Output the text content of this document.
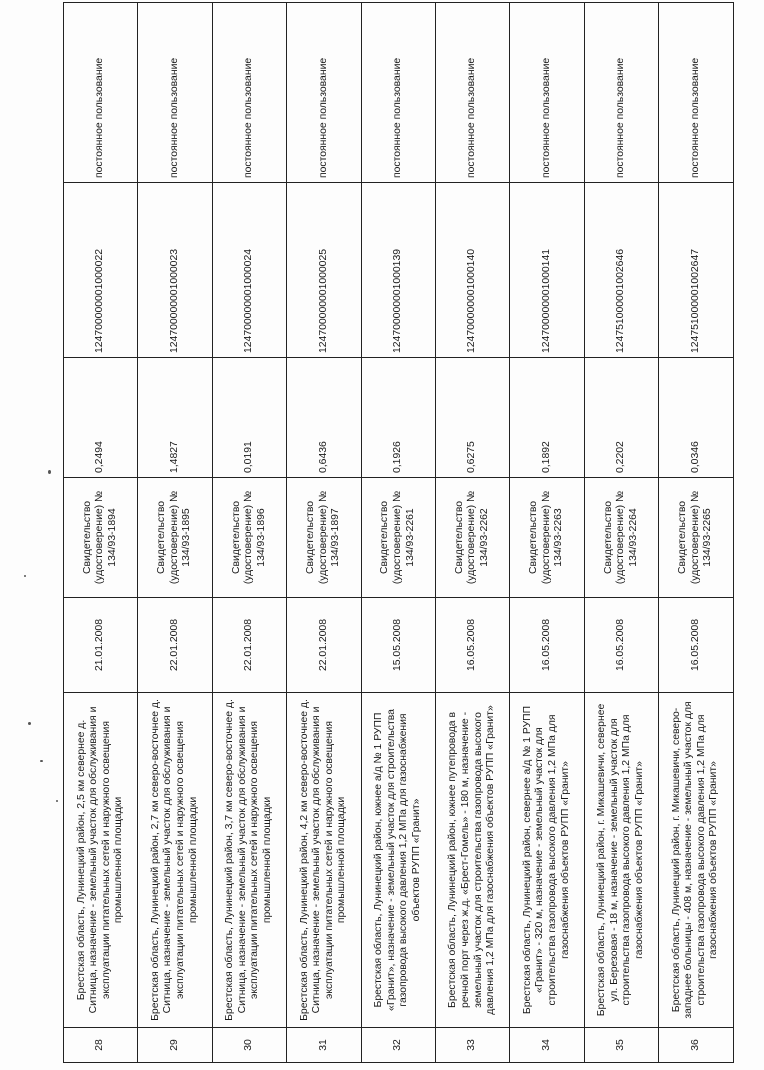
28	Брестская область, Лунинецкий район, 2,5 км севернее д. Ситница, назначение - земельный участок для обслуживания и эксплуатации питательных сетей и наружного освещения промышленной площадки	21.01.2008	Свидетельство (удостоверение) № 134/93-1894	0,2494	124700000001000022	постоянное пользование
29	Брестская область, Лунинецкий район, 2,7 км северо-восточнее д. Ситница, назначение - земельный участок для обслуживания и эксплуатации питательных сетей и наружного освещения промышленной площадки	22.01.2008	Свидетельство (удостоверение) № 134/93-1895	1,4827	124700000001000023	постоянное пользование
30	Брестская область, Лунинецкий район, 3,7 км северо-восточнее д. Ситница, назначение - земельный участок для обслуживания и эксплуатации питательных сетей и наружного освещения промышленной площадки	22.01.2008	Свидетельство (удостоверение) № 134/93-1896	0,0191	124700000001000024	постоянное пользование
31	Брестская область, Лунинецкий район, 4,2 км северо-восточнее д. Ситница, назначение - земельный участок для обслуживания и эксплуатации питательных сетей и наружного освещения промышленной площадки	22.01.2008	Свидетельство (удостоверение) № 134/93-1897	0,6436	124700000001000025	постоянное пользование
32	Брестская область, Лунинецкий район, южнее а/д № 1 РУПП «Гранит», назначение - земельный участок для строительства газопровода высокого давления 1,2 МПа для газоснабжения объектов РУПП «Гранит»	15.05.2008	Свидетельство (удостоверение) № 134/93-2261	0,1926	124700000001000139	постоянное пользование
33	Брестская область, Лунинецкий район, южнее путепровода в речной порт через ж.д. «Брест-Гомель» - 180 м, назначение - земельный участок для строительства газопровода высокого давления 1,2 МПа для газоснабжения объектов РУПП «Гранит»	16.05.2008	Свидетельство (удостоверение) № 134/93-2262	0,6275	124700000001000140	постоянное пользование
34	Брестская область, Лунинецкий район, севернее а/д № 1 РУПП «Гранит» - 320 м, назначение - земельный участок для строительства газопровода высокого давления 1,2 МПа для газоснабжения объектов РУПП «Гранит»	16.05.2008	Свидетельство (удостоверение) № 134/93-2263	0,1892	124700000001000141	постоянное пользование
35	Брестская область, Лунинецкий район, г. Микашевичи, севернее ул. Березовая - 18 м, назначение - земельный участок для строительства газопровода высокого давления 1,2 МПа для газоснабжения объектов РУПП «Гранит»	16.05.2008	Свидетельство (удостоверение) № 134/93-2264	0,2202	124751000001002646	постоянное пользование
36	Брестская область, Лунинецкий район, г. Микашевичи, северо-западнее больницы - 408 м, назначение - земельный участок для строительства газопровода высокого давления 1,2 МПа для газоснабжения объектов РУПП «Гранит»	16.05.2008	Свидетельство (удостоверение) № 134/93-2265	0,0346	124751000001002647	постоянное пользование
